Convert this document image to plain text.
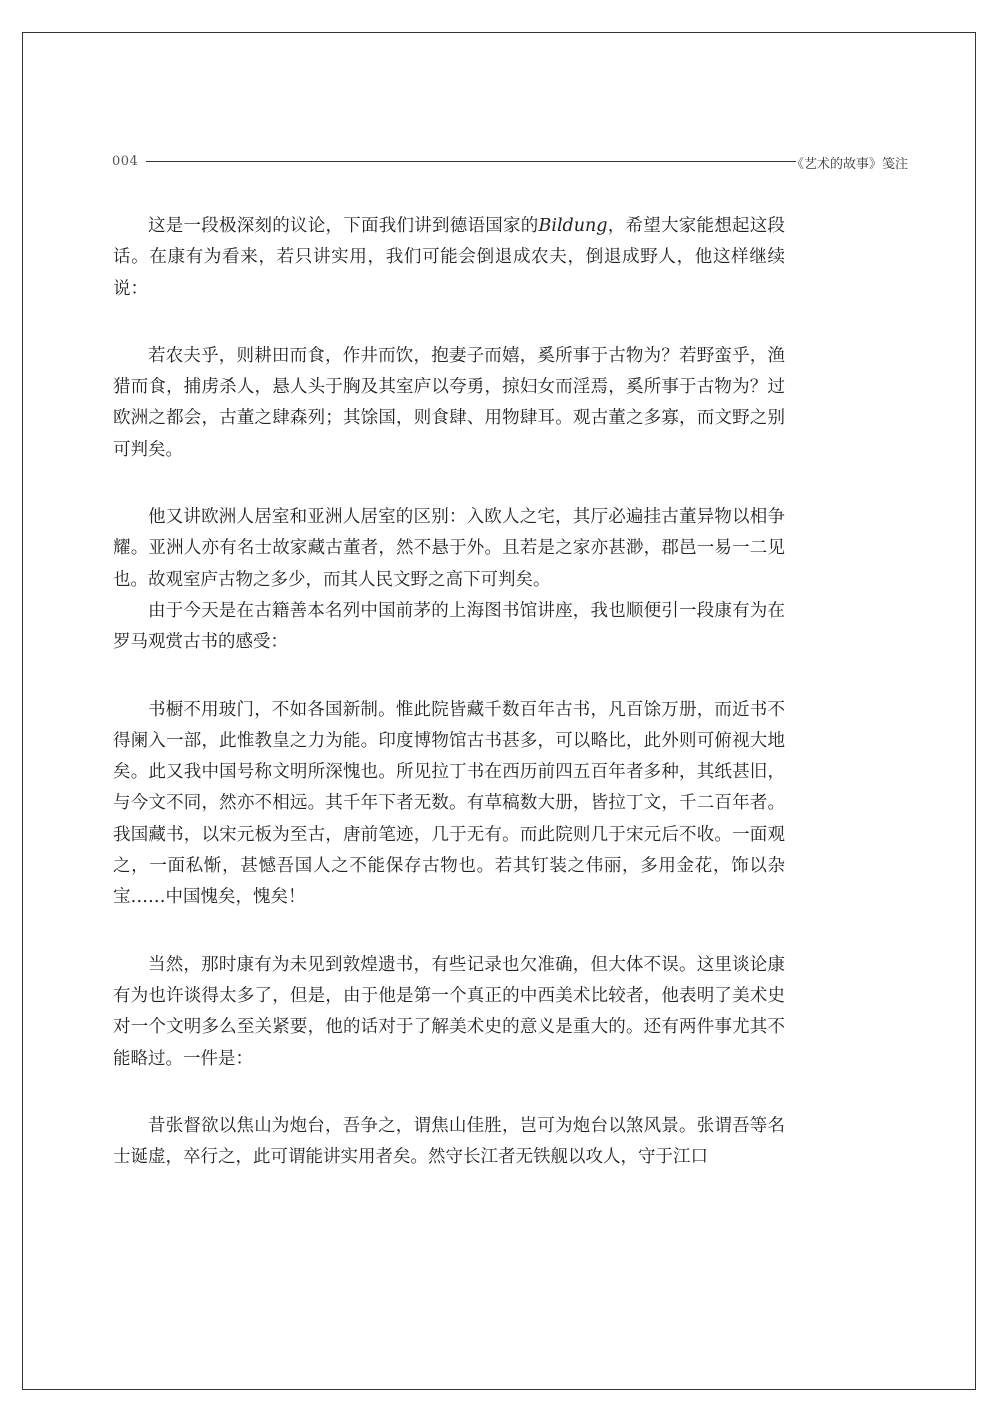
004	《艺术的故事》笺注

这是一段极深刻的议论，下面我们讲到德语国家的Bildung，希望大家能想起这段话。在康有为看来，若只讲实用，我们可能会倒退成农夫，倒退成野人，他这样继续说：

若农夫乎，则耕田而食，作井而饮，抱妻子而嬉，奚所事于古物为？若野蛮乎，渔猎而食，捕虏杀人，悬人头于胸及其室庐以夸勇，掠妇女而淫焉，奚所事于古物为？过欧洲之都会，古董之肆森列；其馀国，则食肆、用物肆耳。观古董之多寡，而文野之别可判矣。

他又讲欧洲人居室和亚洲人居室的区别：入欧人之宅，其厅必遍挂古董异物以相争耀。亚洲人亦有名士故家藏古董者，然不悬于外。且若是之家亦甚渺，郡邑一易一二见也。故观室庐古物之多少，而其人民文野之高下可判矣。

由于今天是在古籍善本名列中国前茅的上海图书馆讲座，我也顺便引一段康有为在罗马观赏古书的感受：

书橱不用玻门，不如各国新制。惟此院皆藏千数百年古书，凡百馀万册，而近书不得阑入一部，此惟教皇之力为能。印度博物馆古书甚多，可以略比，此外则可俯视大地矣。此又我中国号称文明所深愧也。所见拉丁书在西历前四五百年者多种，其纸甚旧，与今文不同，然亦不相远。其千年下者无数。有草稿数大册，皆拉丁文，千二百年者。我国藏书，以宋元板为至古，唐前笔迹，几于无有。而此院则几于宋元后不收。一面观之，一面私惭，甚憾吾国人之不能保存古物也。若其钉装之伟丽，多用金花，饰以杂宝……中国愧矣，愧矣！

当然，那时康有为未见到敦煌遗书，有些记录也欠准确，但大体不误。这里谈论康有为也许谈得太多了，但是，由于他是第一个真正的中西美术比较者，他表明了美术史对一个文明多么至关紧要，他的话对于了解美术史的意义是重大的。还有两件事尤其不能略过。一件是：

昔张督欲以焦山为炮台，吾争之，谓焦山佳胜，岂可为炮台以煞风景。张谓吾等名士诞虚，卒行之，此可谓能讲实用者矣。然守长江者无铁舰以攻人，守于江口
